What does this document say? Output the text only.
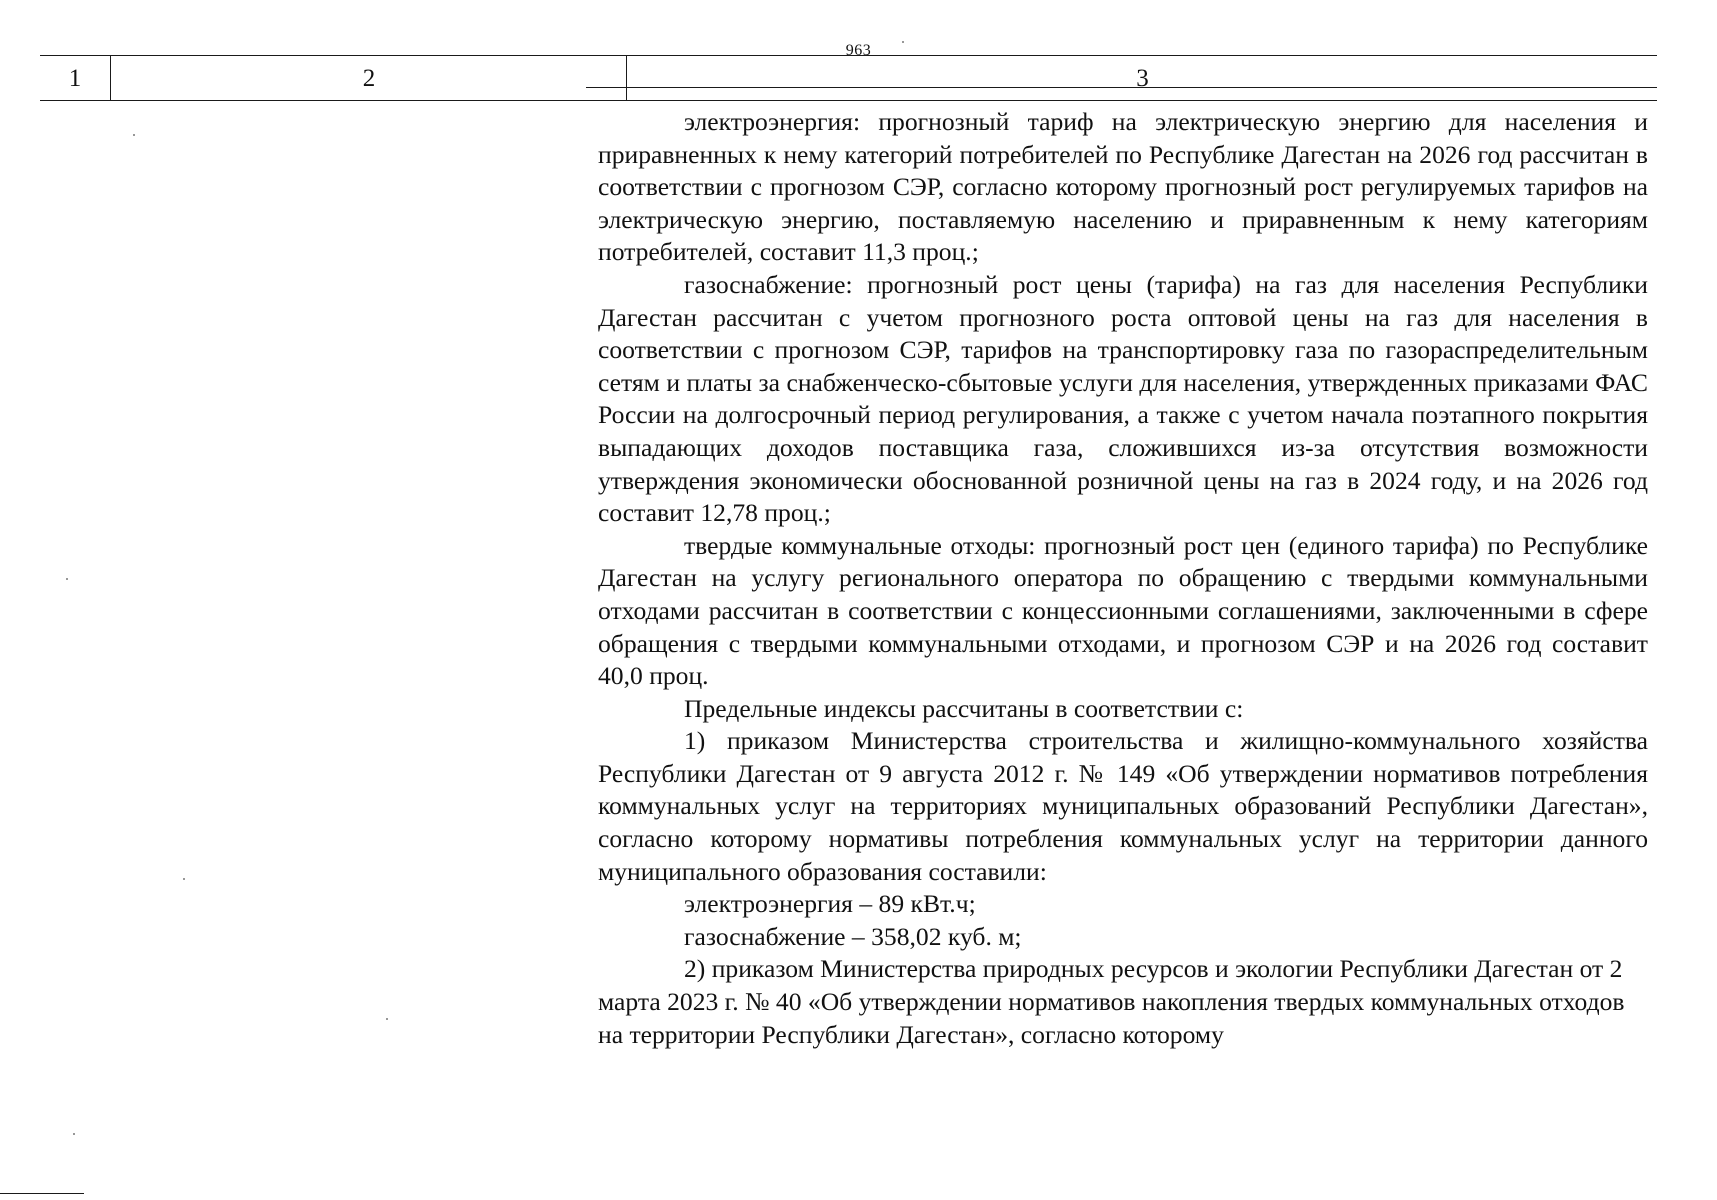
963
1	2	3

электроэнергия: прогнозный тариф на электрическую энергию для населения и приравненных к нему категорий потребителей по Республике Дагестан на 2026 год рассчитан в соответствии с прогнозом СЭР, согласно которому прогнозный рост регулируемых тарифов на электрическую энергию, поставляемую населению и приравненным к нему категориям потребителей, составит 11,3 проц.;

газоснабжение: прогнозный рост цены (тарифа) на газ для населения Республики Дагестан рассчитан с учетом прогнозного роста оптовой цены на газ для населения в соответствии с прогнозом СЭР, тарифов на транспортировку газа по газораспределительным сетям и платы за снабженческо-сбытовые услуги для населения, утвержденных приказами ФАС России на долгосрочный период регулирования, а также с учетом начала поэтапного покрытия выпадающих доходов поставщика газа, сложившихся из-за отсутствия возможности утверждения экономически обоснованной розничной цены на газ в 2024 году, и на 2026 год составит 12,78 проц.;

твердые коммунальные отходы: прогнозный рост цен (единого тарифа) по Республике Дагестан на услугу регионального оператора по обращению с твердыми коммунальными отходами рассчитан в соответствии с концессионными соглашениями, заключенными в сфере обращения с твердыми коммунальными отходами, и прогнозом СЭР и на 2026 год составит 40,0 проц.

Предельные индексы рассчитаны в соответствии с:

1) приказом Министерства строительства и жилищно-коммунального хозяйства Республики Дагестан от 9 августа 2012 г. № 149 «Об утверждении нормативов потребления коммунальных услуг на территориях муниципальных образований Республики Дагестан», согласно которому нормативы потребления коммунальных услуг на территории данного муниципального образования составили:

электроэнергия – 89 кВт.ч;

газоснабжение – 358,02 куб. м;

2) приказом Министерства природных ресурсов и экологии Республики Дагестан от 2 марта 2023 г. № 40 «Об утверждении нормативов накопления твердых коммунальных отходов на территории Республики Дагестан», согласно которому
